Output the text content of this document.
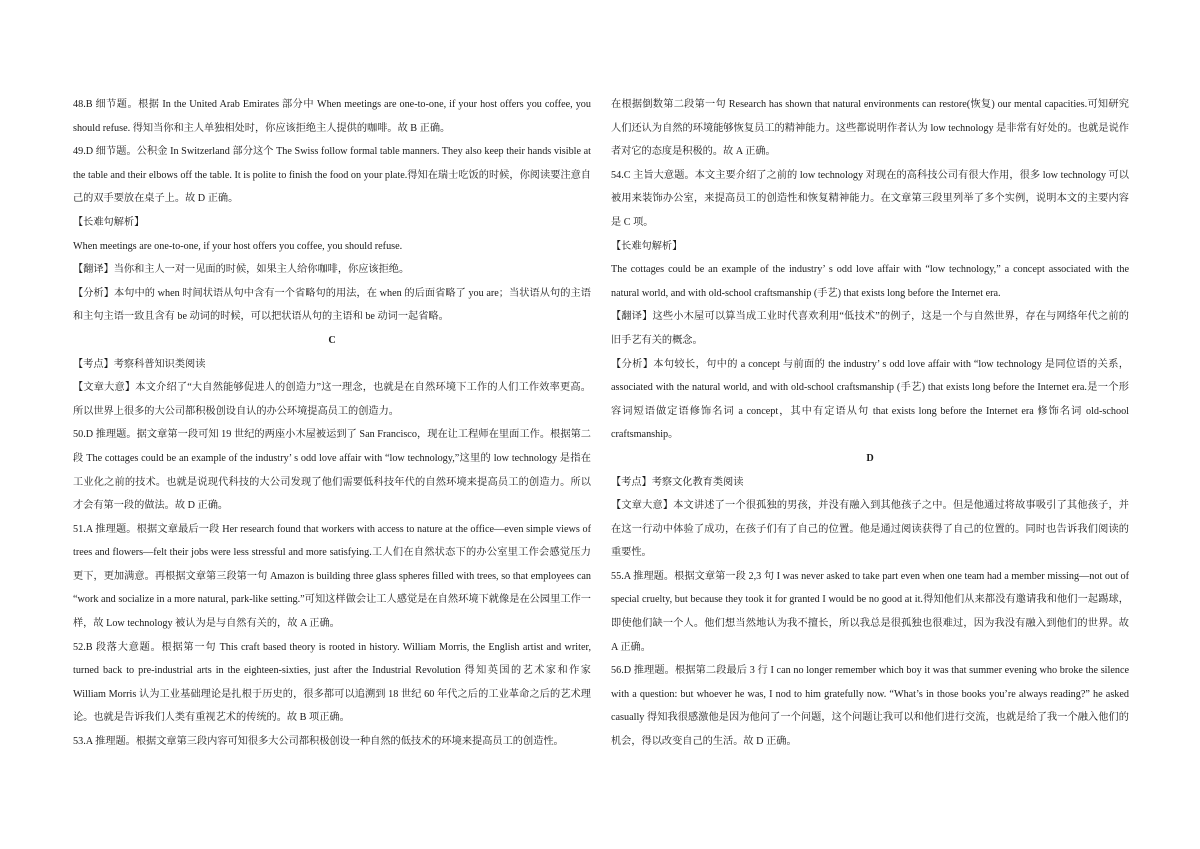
48.B 细节题。根据 In the United Arab Emirates 部分中 When meetings are one-to-one, if your host offers you coffee, you should refuse. 得知当你和主人单独相处时，你应该拒绝主人提供的咖啡。故 B 正确。

49.D 细节题。公积金 In Switzerland 部分这个 The Swiss follow formal table manners. They also keep their hands visible at the table and their elbows off the table. It is polite to finish the food on your plate.得知在瑞士吃饭的时候，你阅读要注意自己的双手要放在桌子上。故 D 正确。

【长难句解析】

When meetings are one-to-one, if your host offers you coffee, you should refuse.

【翻译】当你和主人一对一见面的时候，如果主人给你咖啡，你应该拒绝。

【分析】本句中的 when 时间状语从句中含有一个省略句的用法，在 when 的后面省略了 you are；当状语从句的主语和主句主语一致且含有 be 动词的时候，可以把状语从句的主语和 be 动词一起省略。

C

【考点】考察科普知识类阅读

【文章大意】本文介绍了“大自然能够促进人的创造力”这一理念，也就是在自然环境下工作的人们工作效率更高。所以世界上很多的大公司都积极创设自认的办公环境提高员工的创造力。

50.D 推理题。据文章第一段可知 19 世纪的两座小木屋被运到了 San Francisco，现在让工程师在里面工作。根据第二段 The cottages could be an example of the industry’ s odd love affair with “low technology,”这里的 low technology 是指在工业化之前的技术。也就是说现代科技的大公司发现了他们需要低科技年代的自然环境来提高员工的创造力。所以才会有第一段的做法。故 D 正确。

51.A 推理题。根据文章最后一段 Her research found that workers with access to nature at the office—even simple views of trees and flowers—felt their jobs were less stressful and more satisfying.工人们在自然状态下的办公室里工作会感觉压力更下，更加满意。再根据文章第三段第一句 Amazon is building three glass spheres filled with trees, so that employees can “work and socialize in a more natural, park-like setting.”可知这样做会让工人感觉是在自然环境下就像是在公园里工作一样，故 Low technology 被认为是与自然有关的，故 A 正确。

52.B 段落大意题。根据第一句 This craft based theory is rooted in history. William Morris, the English artist and writer, turned back to pre-industrial arts in the eighteen-sixties, just after the Industrial Revolution 得知英国的艺术家和作家 William Morris 认为工业基础理论是扎根于历史的，很多都可以追溯到 18 世纪 60 年代之后的工业革命之后的艺术理论。也就是告诉我们人类有重视艺术的传统的。故 B 项正确。

53.A 推理题。根据文章第三段内容可知很多大公司都积极创设一种自然的低技术的环境来提高员工的创造性。

在根据倒数第二段第一句 Research has shown that natural environments can restore(恢复) our mental capacities.可知研究人们还认为自然的环境能够恢复员工的精神能力。这些都说明作者认为 low technology 是非常有好处的。也就是说作者对它的态度是积极的。故 A 正确。

54.C 主旨大意题。本文主要介绍了之前的 low technology 对现在的高科技公司有很大作用，很多 low technology 可以被用来装饰办公室，来提高员工的创造性和恢复精神能力。在文章第三段里列举了多个实例，说明本文的主要内容是 C 项。

【长难句解析】

The cottages could be an example of the industry’ s odd love affair with “low technology,” a concept associated with the natural world, and with old-school craftsmanship (手艺) that exists long before the Internet era.

【翻译】这些小木屋可以算当成工业时代喜欢利用“低技术”的例子，这是一个与自然世界，存在与网络年代之前的旧手艺有关的概念。

【分析】本句较长，句中的 a concept 与前面的 the industry’ s odd love affair with “low technology 是同位语的关系，associated with the natural world, and with old-school craftsmanship (手艺) that exists long before the Internet era.是一个形容词短语做定语修饰名词 a concept，其中有定语从句 that exists long before the Internet era 修饰名词 old-school craftsmanship。

D

【考点】考察文化教育类阅读

【文章大意】本文讲述了一个很孤独的男孩，并没有融入到其他孩子之中。但是他通过将故事吸引了其他孩子，并在这一行动中体验了成功，在孩子们有了自己的位置。他是通过阅读获得了自己的位置的。同时也告诉我们阅读的重要性。

55.A 推理题。根据文章第一段 2,3 句 I was never asked to take part even when one team had a member missing—not out of special cruelty, but because they took it for granted I would be no good at it.得知他们从来都没有邀请我和他们一起踢球，即使他们缺一个人。他们想当然地认为我不擅长，所以我总是很孤独也很难过，因为我没有融入到他们的世界。故 A 正确。

56.D 推理题。根据第二段最后 3 行 I can no longer remember which boy it was that summer evening who broke the silence with a question: but whoever he was, I nod to him gratefully now. “What’s in those books you’re always reading?” he asked casually 得知我很感激他是因为他问了一个问题，这个问题让我可以和他们进行交流，也就是给了我一个融入他们的机会，得以改变自己的生活。故 D 正确。
